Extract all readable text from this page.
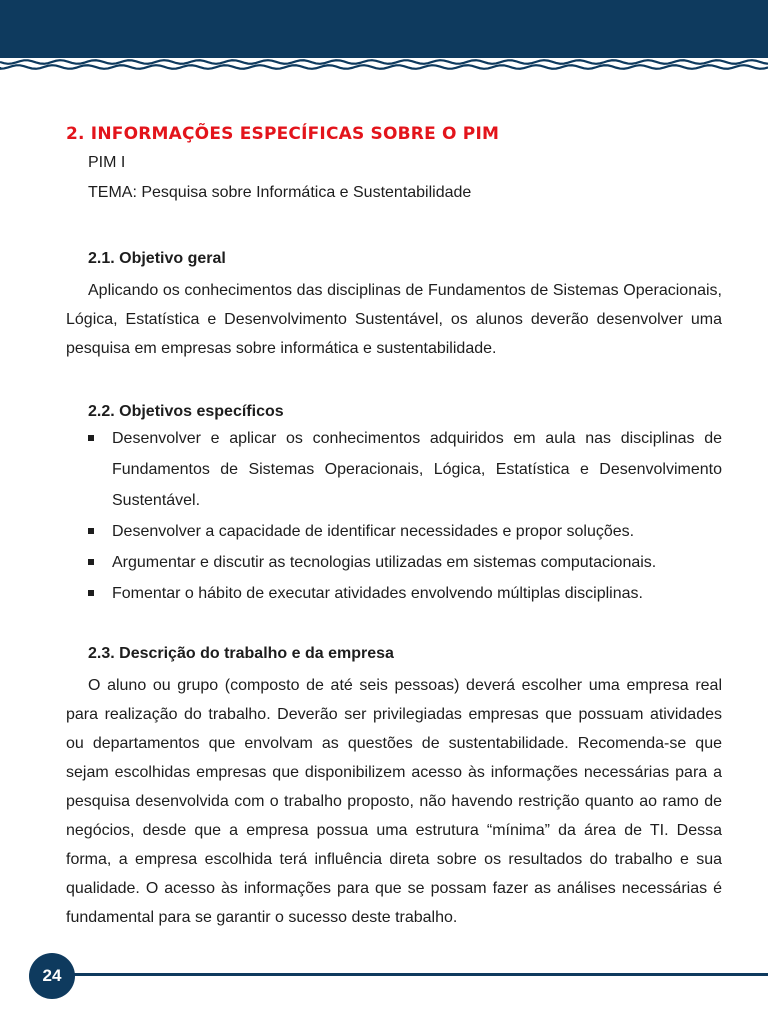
2. INFORMAÇÕES ESPECÍFICAS SOBRE O PIM

PIM I

TEMA: Pesquisa sobre Informática e Sustentabilidade

2.1. Objetivo geral

Aplicando os conhecimentos das disciplinas de Fundamentos de Sistemas Operacionais, Lógica, Estatística e Desenvolvimento Sustentável, os alunos deverão desenvolver uma pesquisa em empresas sobre informática e sustentabilidade.

2.2. Objetivos específicos
Desenvolver e aplicar os conhecimentos adquiridos em aula nas disciplinas de Fundamentos de Sistemas Operacionais, Lógica, Estatística e Desenvolvimento Sustentável.
Desenvolver a capacidade de identificar necessidades e propor soluções.
Argumentar e discutir as tecnologias utilizadas em sistemas computacionais.
Fomentar o hábito de executar atividades envolvendo múltiplas disciplinas.
2.3. Descrição do trabalho e da empresa

O aluno ou grupo (composto de até seis pessoas) deverá escolher uma empresa real para realização do trabalho. Deverão ser privilegiadas empresas que possuam atividades ou departamentos que envolvam as questões de sustentabilidade. Recomenda-se que sejam escolhidas empresas que disponibilizem acesso às informações necessárias para a pesquisa desenvolvida com o trabalho proposto, não havendo restrição quanto ao ramo de negócios, desde que a empresa possua uma estrutura “mínima” da área de TI. Dessa forma, a empresa escolhida terá influência direta sobre os resultados do trabalho e sua qualidade. O acesso às informações para que se possam fazer as análises necessárias é fundamental para se garantir o sucesso deste trabalho.

24
